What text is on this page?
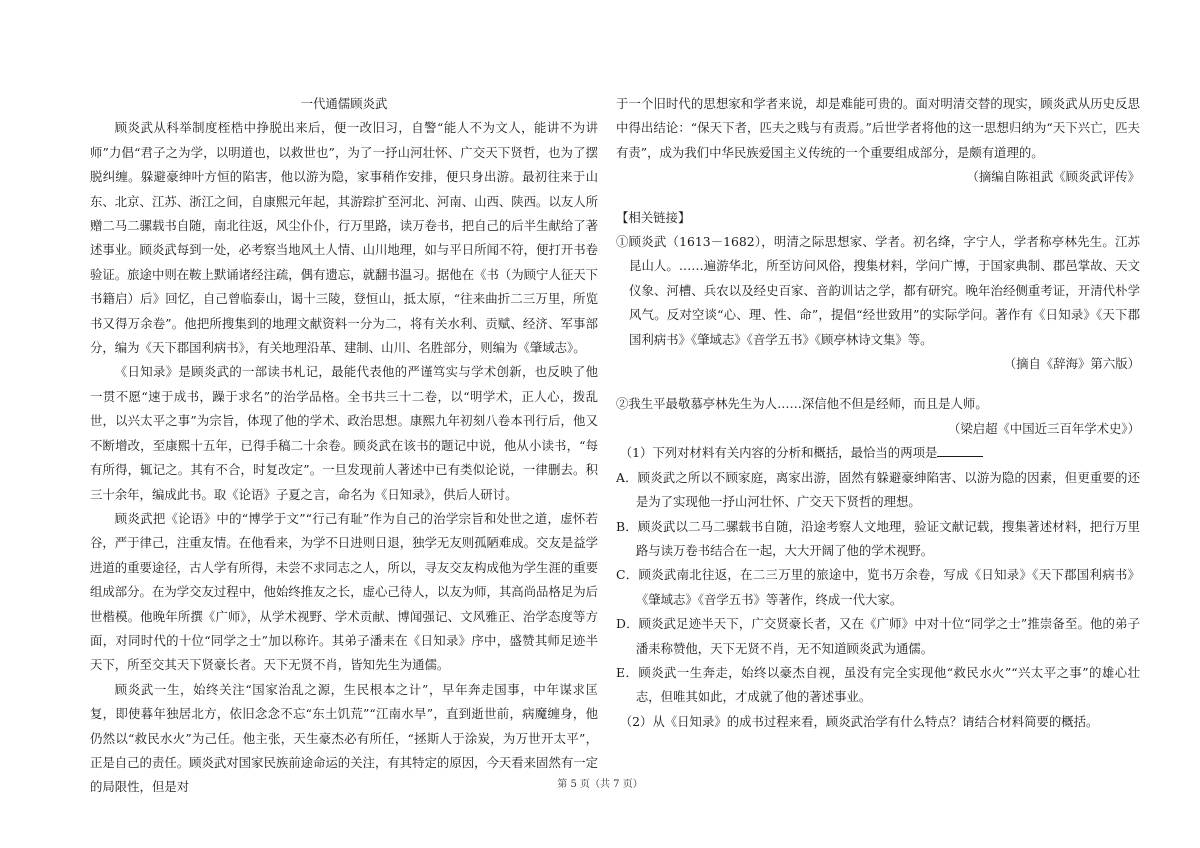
一代通儒顾炎武

顾炎武从科举制度桎梏中挣脱出来后，便一改旧习，自警“能人不为文人，能讲不为讲师”力倡“君子之为学，以明道也，以救世也”，为了一抒山河壮怀、广交天下贤哲，也为了摆脱纠缠。躲避豪绅叶方恒的陷害，他以游为隐，家事稍作安排，便只身出游。最初往来于山东、北京、江苏、浙江之间，自康熙元年起，其游踪扩至河北、河南、山西、陕西。以友人所赠二马二骡载书自随，南北往返，风尘仆仆，行万里路，读万卷书，把自己的后半生献给了著述事业。顾炎武每到一处，必考察当地风土人情、山川地理，如与平日所闻不符，便打开书卷验证。旅途中则在鞍上默诵诸经注疏，偶有遗忘，就翻书温习。据他在《书（为顾宁人征天下书籍启）后》回忆，自己曾临泰山，谒十三陵，登恒山，抵太原，“往来曲折二三万里，所览书又得万余卷”。他把所搜集到的地理文献资料一分为二，将有关水利、贡赋、经济、军事部分，编为《天下郡国利病书》，有关地理沿革、建制、山川、名胜部分，则编为《肇域志》。

《日知录》是顾炎武的一部读书札记，最能代表他的严谨笃实与学术创新，也反映了他一贯不愿“速于成书，躁于求名”的治学品格。全书共三十二卷，以“明学术，正人心，拨乱世，以兴太平之事”为宗旨，体现了他的学术、政治思想。康熙九年初刻八卷本刊行后，他又不断增改，至康熙十五年，已得手稿二十余卷。顾炎武在该书的题记中说，他从小读书，“每有所得，辄记之。其有不合，时复改定”。一旦发现前人著述中已有类似论说，一律删去。积三十余年，编成此书。取《论语》子夏之言，命名为《日知录》，供后人研讨。

顾炎武把《论语》中的“博学于文”“行己有耻”作为自己的治学宗旨和处世之道，虚怀若谷，严于律己，注重友情。在他看来，为学不日进则日退，独学无友则孤陋难成。交友是益学进道的重要途径，古人学有所得，未尝不求同志之人，所以，寻友交友构成他为学生涯的重要组成部分。在为学交友过程中，他始终推友之长，虚心己待人，以友为师，其高尚品格足为后世楷模。他晚年所撰《广师》，从学术视野、学术贡献、博闻强记、文风雅正、治学态度等方面，对同时代的十位“同学之士”加以称许。其弟子潘耒在《日知录》序中，盛赞其师足迹半天下，所至交其天下贤豪长者。天下无贤不肖，皆知先生为通儒。

顾炎武一生，始终关注“国家治乱之源，生民根本之计”，早年奔走国事，中年谋求匡复，即使暮年独居北方，依旧念念不忘“东土饥荒”“江南水旱”，直到逝世前，病魔缠身，他仍然以“救民水火”为己任。他主张，天生豪杰必有所任，“拯斯人于涂炭，为万世开太平”，正是自己的责任。顾炎武对国家民族前途命运的关注，有其特定的原因，今天看来固然有一定的局限性，但是对

于一个旧时代的思想家和学者来说，却是难能可贵的。面对明清交替的现实，顾炎武从历史反思中得出结论：“保天下者，匹夫之贱与有责焉。”后世学者将他的这一思想归纳为“天下兴亡，匹夫有责”，成为我们中华民族爱国主义传统的一个重要组成部分，是颇有道理的。

（摘编自陈祖武《顾炎武评传》

【相关链接】

①顾炎武（1613－1682），明清之际思想家、学者。初名绛，字宁人，学者称亭林先生。江苏昆山人。……遍游华北，所至访问风俗，搜集材料，学问广博，于国家典制、郡邑掌故、天文仪象、河槽、兵农以及经史百家、音韵训诂之学，都有研究。晚年治经侧重考证，开清代朴学风气。反对空谈“心、理、性、命”，提倡“经世致用”的实际学问。著作有《日知录》《天下郡国利病书》《肇域志》《音学五书》《顾亭林诗文集》等。

（摘自《辞海》第六版）

②我生平最敬慕亭林先生为人……深信他不但是经师，而且是人师。

（梁启超《中国近三百年学术史》）

（1）下列对材料有关内容的分析和概括，最恰当的两项是

A．顾炎武之所以不顾家庭，离家出游，固然有躲避豪绅陷害、以游为隐的因素，但更重要的还是为了实现他一抒山河壮怀、广交天下贤哲的理想。

B．顾炎武以二马二骡载书自随，沿途考察人文地理，验证文献记载，搜集著述材料，把行万里路与读万卷书结合在一起，大大开阔了他的学术视野。

C．顾炎武南北往返，在二三万里的旅途中，览书万余卷，写成《日知录》《天下郡国利病书》《肇域志》《音学五书》等著作，终成一代大家。

D．顾炎武足迹半天下，广交贤豪长者，又在《广师》中对十位“同学之士”推崇备至。他的弟子潘耒称赞他，天下无贤不肖，无不知道顾炎武为通儒。

E．顾炎武一生奔走，始终以豪杰自视，虽没有完全实现他“救民水火”“兴太平之事”的雄心壮志，但唯其如此，才成就了他的著述事业。

（2）从《日知录》的成书过程来看，顾炎武治学有什么特点？请结合材料简要的概括。

第 5 页（共 7 页）
